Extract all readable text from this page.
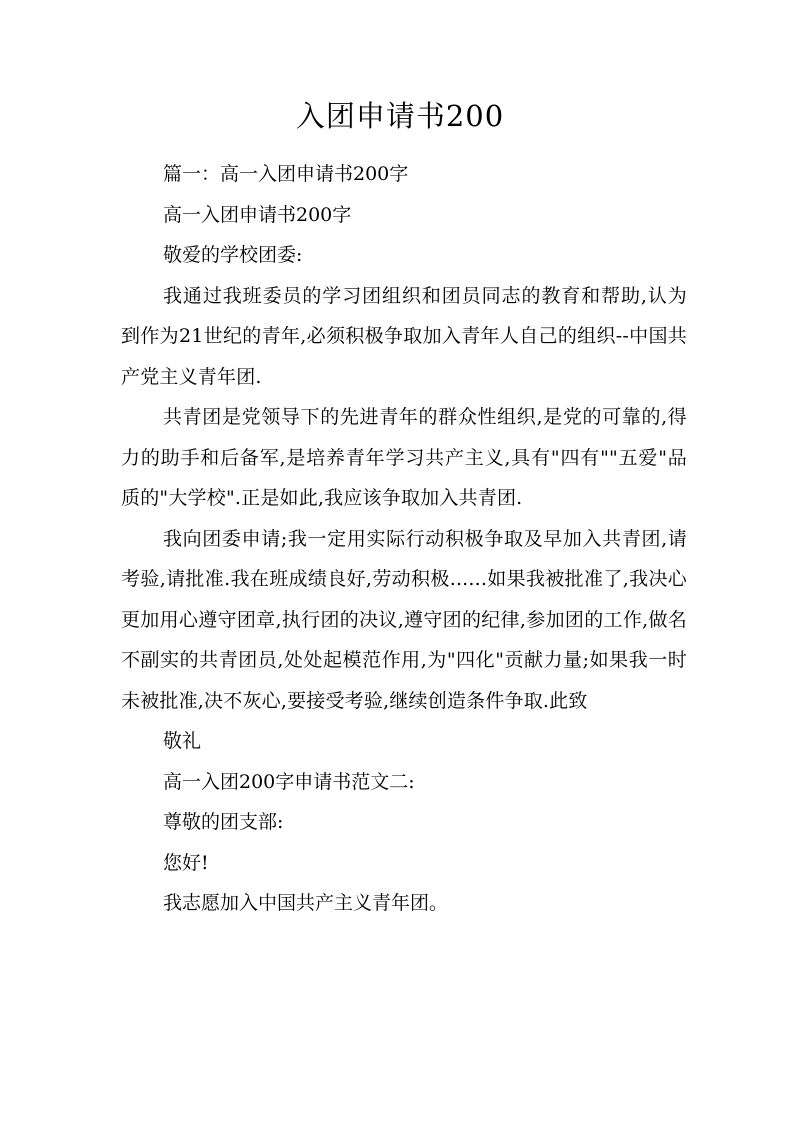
入团申请书200

篇一：高一入团申请书200字

高一入团申请书200字

敬爱的学校团委:

我通过我班委员的学习团组织和团员同志的教育和帮助,认为到作为21世纪的青年,必须积极争取加入青年人自己的组织--中国共产党主义青年团.

共青团是党领导下的先进青年的群众性组织,是党的可靠的,得力的助手和后备军,是培养青年学习共产主义,具有"四有""五爱"品质的"大学校".正是如此,我应该争取加入共青团.

我向团委申请;我一定用实际行动积极争取及早加入共青团,请考验,请批准.我在班成绩良好,劳动积极......如果我被批准了,我决心更加用心遵守团章,执行团的决议,遵守团的纪律,参加团的工作,做名不副实的共青团员,处处起模范作用,为"四化"贡献力量;如果我一时未被批准,决不灰心,要接受考验,继续创造条件争取.此致

敬礼

高一入团200字申请书范文二:

尊敬的团支部:

您好!

我志愿加入中国共产主义青年团。
